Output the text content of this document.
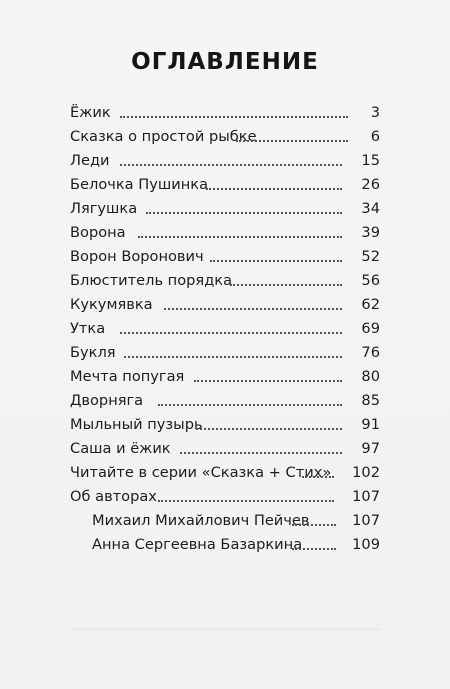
ОГЛАВЛЕНИЕ
Ёжик	3
Сказка о простой рыбке	6
Леди	15
Белочка Пушинка	26
Лягушка	34
Ворона	39
Ворон Воронович	52
Блюститель порядка	56
Кукумявка	62
Утка	69
Букля	76
Мечта попугая	80
Дворняга	85
Мыльный пузырь	91
Саша и ёжик	97
Читайте в серии «Сказка + Стих» 102
Об авторах	107
Михаил Михайлович Пейчев	107
Анна Сергеевна Базаркина	109
